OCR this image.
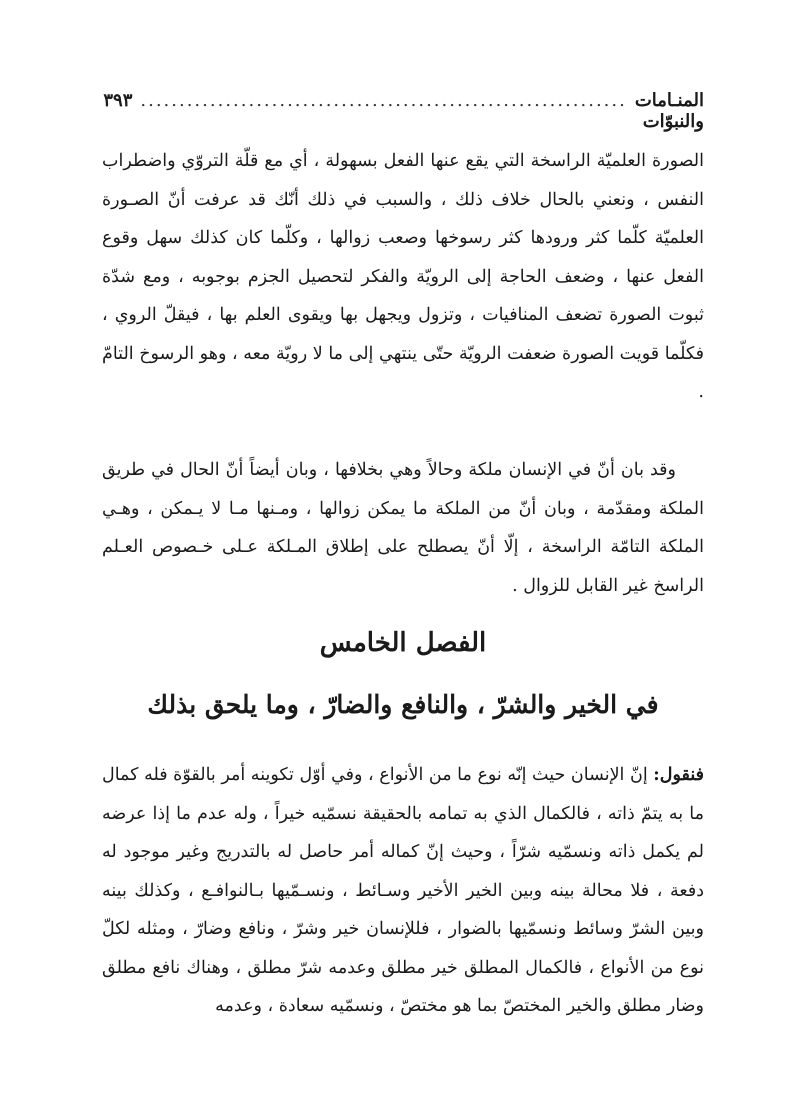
المنـامات والنبوّات
...............................................................
٣٩٣

الصورة العلميّة الراسخة التي يقع عنها الفعل بسهولة ، أي مع قلّة التروّي واضطراب النفس ، ونعني بالحال خلاف ذلك ، والسبب في ذلك أنّك قد عرفت أنّ الصـورة العلميّة كلّما كثر ورودها كثر رسوخها وصعب زوالها ، وكلّما كان كذلك سهل وقوع الفعل عنها ، وضعف الحاجة إلى الرويّة والفكر لتحصيل الجزم بوجوبه ، ومع شدّة ثبوت الصورة تضعف المنافيات ، وتزول ويجهل بها ويقوى العلم بها ، فيقلّ الروي ، فكلّما قويت الصورة ضعفت الرويّة حتّى ينتهي إلى ما لا رويّة معه ، وهو الرسوخ التامّ .

وقد بان أنّ في الإنسان ملكة وحالاً وهي بخلافها ، وبان أيضاً أنّ الحال في طريق الملكة ومقدّمة ، وبان أنّ من الملكة ما يمكن زوالها ، ومـنها مـا لا يـمكن ، وهـي الملكة التامّة الراسخة ، إلّا أنّ يصطلح على إطلاق المـلكة عـلى خـصوص العـلم الراسخ غير القابل للزوال .

الفصل الخامس
في الخير والشرّ ، والنافع والضارّ ، وما يلحق بذلك

فنقول: إنّ الإنسان حيث إنّه نوع ما من الأنواع ، وفي أوّل تكوينه أمر بالقوّة فله كمال ما به يتمّ ذاته ، فالكمال الذي به تمامه بالحقيقة نسمّيه خيراً ، وله عدم ما إذا عرضه لم يكمل ذاته ونسمّيه شرّاً ، وحيث إنّ كماله أمر حاصل له بالتدريج وغير موجود له دفعة ، فلا محالة بينه وبين الخير الأخير وسـائط ، ونسـمّيها بـالنوافـع ، وكذلك بينه وبين الشرّ وسائط ونسمّيها بالضوار ، فللإنسان خير وشرّ ، ونافع وضارّ ، ومثله لكلّ نوع من الأنواع ، فالكمال المطلق خير مطلق وعدمه شرّ مطلق ، وهناك نافع مطلق وضار مطلق والخير المختصّ بما هو مختصّ ، ونسمّيه سعادة ، وعدمه
